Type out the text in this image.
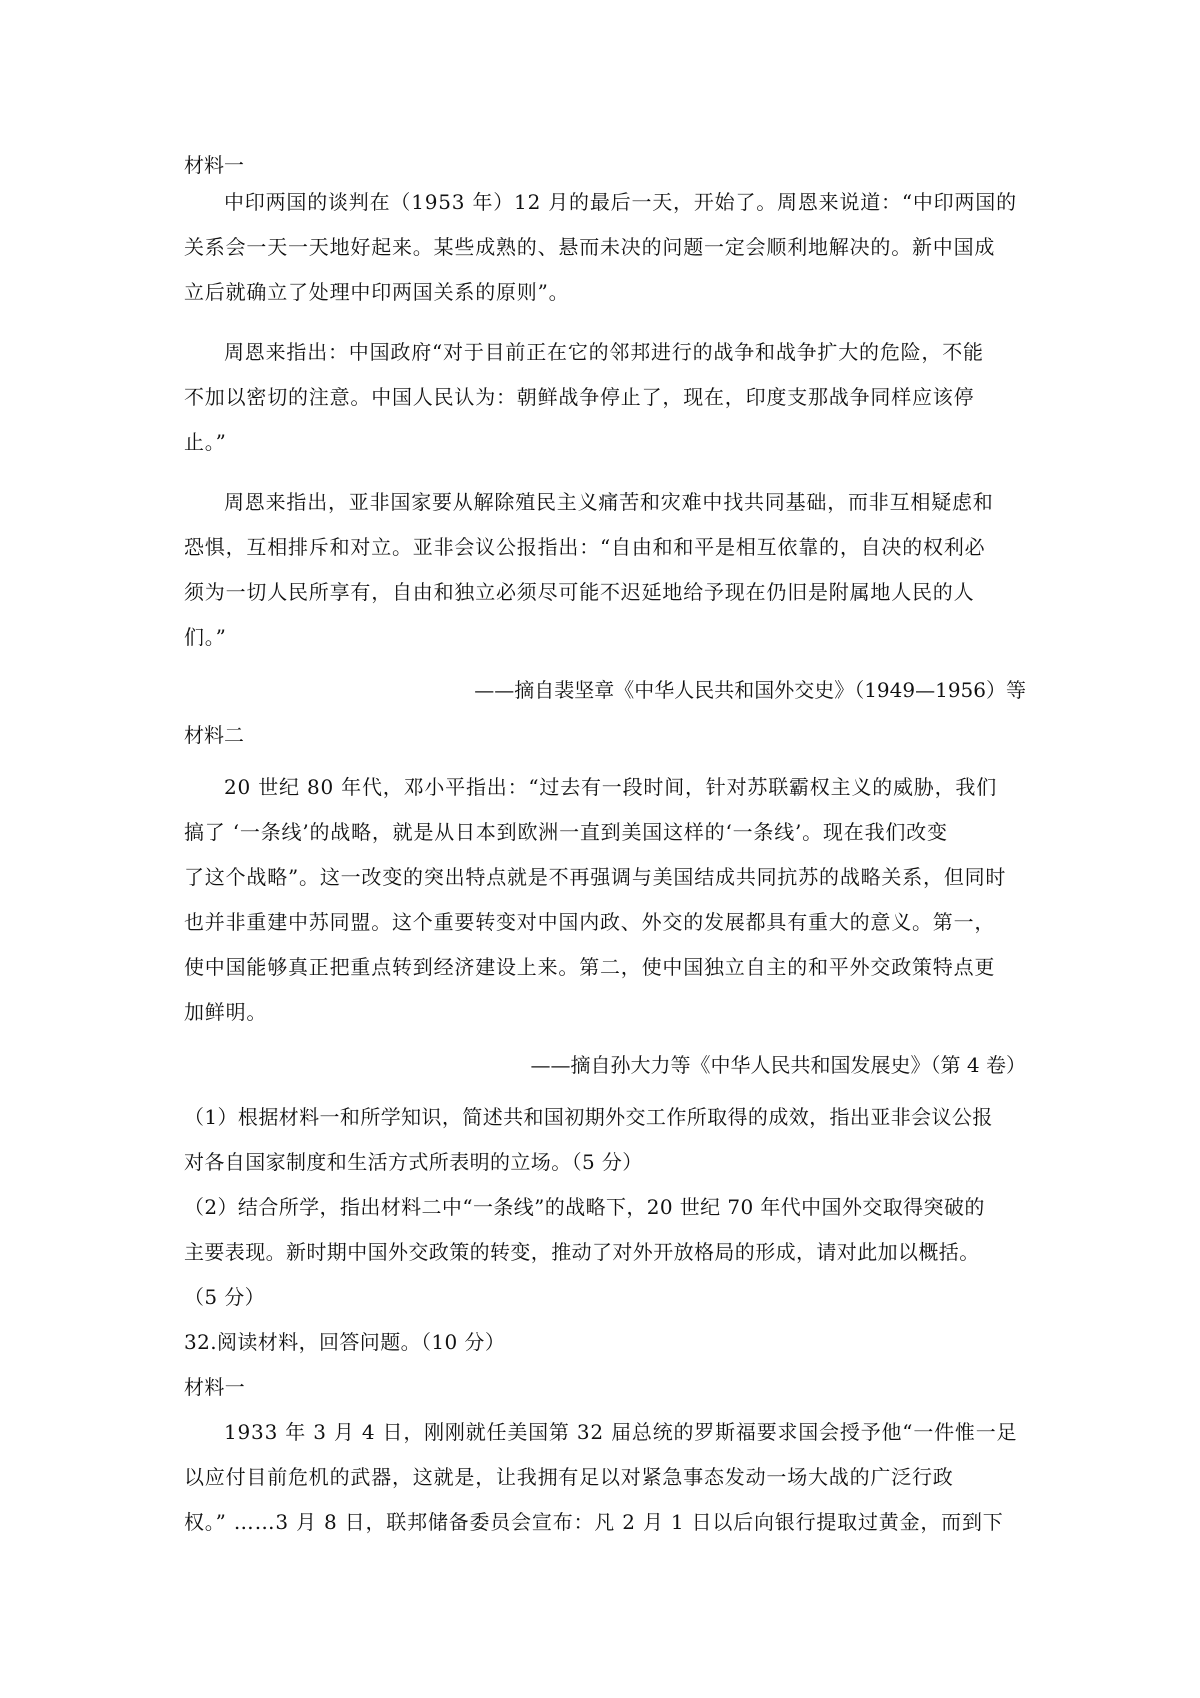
材料一
中印两国的谈判在（1953 年）12 月的最后一天，开始了。周恩来说道：“中印两国的
关系会一天一天地好起来。某些成熟的、悬而未决的问题一定会顺利地解决的。新中国成
立后就确立了处理中印两国关系的原则”。
周恩来指出：中国政府“对于目前正在它的邻邦进行的战争和战争扩大的危险，不能
不加以密切的注意。中国人民认为：朝鲜战争停止了，现在，印度支那战争同样应该停
止。”
周恩来指出，亚非国家要从解除殖民主义痛苦和灾难中找共同基础，而非互相疑虑和
恐惧，互相排斥和对立。亚非会议公报指出：“自由和和平是相互依靠的，自决的权利必
须为一切人民所享有，自由和独立必须尽可能不迟延地给予现在仍旧是附属地人民的人
们。”
——摘自裴坚章《中华人民共和国外交史》（1949—1956）等
材料二
20 世纪 80 年代，邓小平指出：“过去有一段时间，针对苏联霸权主义的威胁，我们
搞了 ‘一条线’的战略，就是从日本到欧洲一直到美国这样的‘一条线’。现在我们改变
了这个战略”。这一改变的突出特点就是不再强调与美国结成共同抗苏的战略关系，但同时
也并非重建中苏同盟。这个重要转变对中国内政、外交的发展都具有重大的意义。第一，
使中国能够真正把重点转到经济建设上来。第二，使中国独立自主的和平外交政策特点更
加鲜明。
——摘自孙大力等《中华人民共和国发展史》（第 4 卷）
（1）根据材料一和所学知识，简述共和国初期外交工作所取得的成效，指出亚非会议公报
对各自国家制度和生活方式所表明的立场。（5 分）
（2）结合所学，指出材料二中“一条线”的战略下，20 世纪 70 年代中国外交取得突破的
主要表现。新时期中国外交政策的转变，推动了对外开放格局的形成，请对此加以概括。
（5 分）
32.阅读材料，回答问题。（10 分）
材料一
1933 年 3 月 4 日，刚刚就任美国第 32 届总统的罗斯福要求国会授予他“一件惟一足
以应付目前危机的武器，这就是，让我拥有足以对紧急事态发动一场大战的广泛行政
权。” ……3 月 8 日，联邦储备委员会宣布：凡 2 月 1 日以后向银行提取过黄金，而到下
